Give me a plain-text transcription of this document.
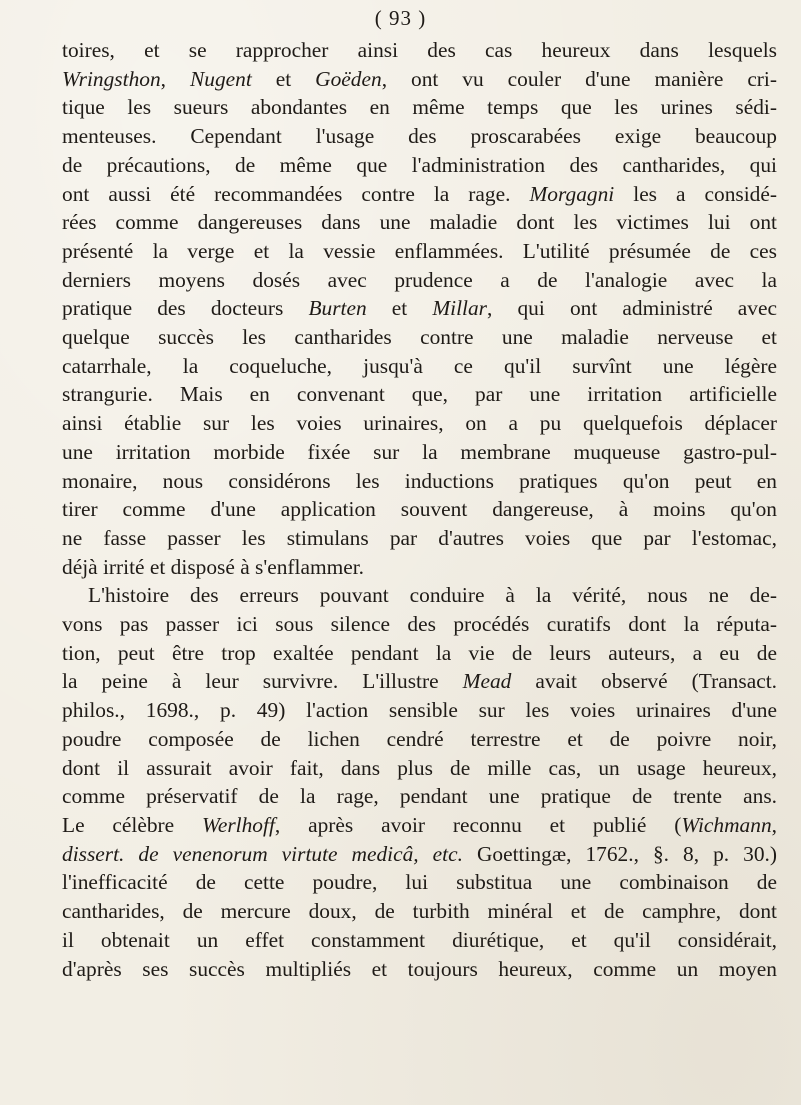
( 93 )
toires, et se rapprocher ainsi des cas heureux dans lesquels
Wringsthon, Nugent et Goëden, ont vu couler d'une manière cri-
tique les sueurs abondantes en même temps que les urines sédi-
menteuses. Cependant l'usage des proscarabées exige beaucoup
de précautions, de même que l'administration des cantharides, qui
ont aussi été recommandées contre la rage. Morgagni les a considé-
rées comme dangereuses dans une maladie dont les victimes lui ont
présenté la verge et la vessie enflammées. L'utilité présumée de ces
derniers moyens dosés avec prudence a de l'analogie avec la
pratique des docteurs Burten et Millar, qui ont administré avec
quelque succès les cantharides contre une maladie nerveuse et
catarrhale, la coqueluche, jusqu'à ce qu'il survînt une légère
strangurie. Mais en convenant que, par une irritation artificielle
ainsi établie sur les voies urinaires, on a pu quelquefois déplacer
une irritation morbide fixée sur la membrane muqueuse gastro-pul-
monaire, nous considérons les inductions pratiques qu'on peut en
tirer comme d'une application souvent dangereuse, à moins qu'on
ne fasse passer les stimulans par d'autres voies que par l'estomac,
déjà irrité et disposé à s'enflammer.
L'histoire des erreurs pouvant conduire à la vérité, nous ne de-
vons pas passer ici sous silence des procédés curatifs dont la réputa-
tion, peut être trop exaltée pendant la vie de leurs auteurs, a eu de
la peine à leur survivre. L'illustre Mead avait observé (Transact.
philos., 1698., p. 49) l'action sensible sur les voies urinaires d'une
poudre composée de lichen cendré terrestre et de poivre noir,
dont il assurait avoir fait, dans plus de mille cas, un usage heureux,
comme préservatif de la rage, pendant une pratique de trente ans.
Le célèbre Werlhoff, après avoir reconnu et publié (Wichmann,
dissert. de venenorum virtute medicâ, etc. Goettingæ, 1762., §. 8, p. 30.)
l'inefficacité de cette poudre, lui substitua une combinaison de
cantharides, de mercure doux, de turbith minéral et de camphre, dont
il obtenait un effet constamment diurétique, et qu'il considérait,
d'après ses succès multipliés et toujours heureux, comme un moyen
